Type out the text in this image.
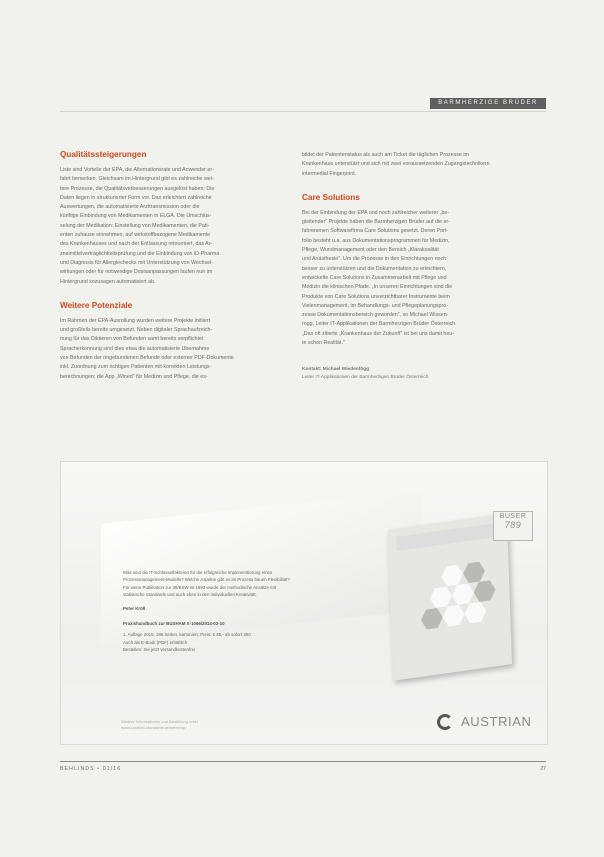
BARMHERZIGE BRÜDER
Qualitätssteigerungen

Liste sind Vorteile der EPA, die Alternationsrate und Anwender er-
fahrt bemerken. Gleichsam im Hintergrund gibt es zahlreiche wei-
tere Prozesse, die Qualitätsverbesserungen ausgelöst haben: Die
Daten liegen in strukturierter Form vor. Das erleichtert zahlreiche
Auswertungen, die automatisierte Arzttransmission oder die
künftige Einbindung von Medikamenten in ELGA. Die Umschlüs-
selung der Medikation: Einstellung von Medikamenten, die Pati-
enten zuhause einnehmen, auf wirkstoffbezogene Medikamente
des Krankenhauses und nach der Entlassung retourniert, das Ar-
zneimittelverträglichkeitsprüfung und die Einbindung von iD-Pharma
und Diagnosis für Allergiechecks mit Unterstützung von Wechsel-
wirkungen oder für notwendige Dosisanpassungen laufen nun im
Hintergrund sozusagen automatisiert ab.

Weitere Potenziale

Im Rahmen der EPA-Ausrollung wurden weitere Projekte initiiert
und großteils bereits umgesetzt. Neben digitaler Sprachaufzeich-
nung für das Diktieren von Befunden samt bereits verpflichtet
Spracherkennung sind dies etwa die automatisierte Ubernahme
von Befunden der ringebundenen Befunde oder externer PDF-Dokumente
inkl. Zuordnung zum richtigen Patienten mit korrekten Leistungs-
berechnungen; die App „Wined" für Medizin und Pflege, die es-

bildet der Patientenstatus als auch am Ticket die täglichen Prozesse im
Krankenhaus unterstützt und sich mit zwei voraussetzenden Zugangstechnikern
intermedial Fingerprint.

Care Solutions

Bei der Einbindung der EPA und noch zahlreicher weiterer „be-
gleitender" Projekte haben die Barmherzigen Brüder auf die er-
fahrenenen Softwarefirma Care Solutions gesetzt. Deren Port-
folio besteht u.a. aus Dokumentationsprogrammen für Medizin,
Pflege, Wundmanagement oder den Bereich „Klarakualität
und Anästhesie". Um die Prozesse in den Einrichtungen noch
besser zu unterstützen und die Dokumentation zu erleichtern,
entwickelte Care Solutions in Zusammenarbeit mit Pflege und
Medizin die klinischen Pfade. „In unseren Einrichtungen sind die
Produkte von Care Solutions unverzichtbarer Instrumente beim
Vielenmanagement, im Behandlungs- und Pflegeplanungspro-
zesse Dokumentationsbereich geworden", so Michael Wissen-
rogg, Leiter IT-Applikationen der Barmherzigen Brüder Österreich.
„Das oft zitierte „Krankenhaus der Zukunft" ist bei uns damit heu-
te schon Realität."

Kontakt: Michael Wiedenfögg
Leiter IT-Applikationen der Barmherzigen Brüder Österreich
BUSER
789

Was sind die IT-Schlüsselfaktoren für die erfolgreiche Implementierung eines
Prozessmanagement-Modells? Welche Aspekte gibt es im Prozess bauen Flexibilität?
Für wenn Publikation zur 38/BSW ist 1993 wurde der methodische Ansätze mit
statistische Standards und auch eben in den individuellen Kreativität.

Peter Kröll

Praxishandbuch zur BUSHAM X-1066/2014-02-10

1. Auflage 2015, 196 Seiten, kartoniert, Preis: € 45,- ab sofort 300
Auch als E-Book (PDF) erhältlich
Bestellen: Sie jetzt versandkostenfrei

Weitere Informationen und Bestellung unter
www.austrian-standards.at/webshop	AUSTRIAN
BEHLINDS • 01/16	27
